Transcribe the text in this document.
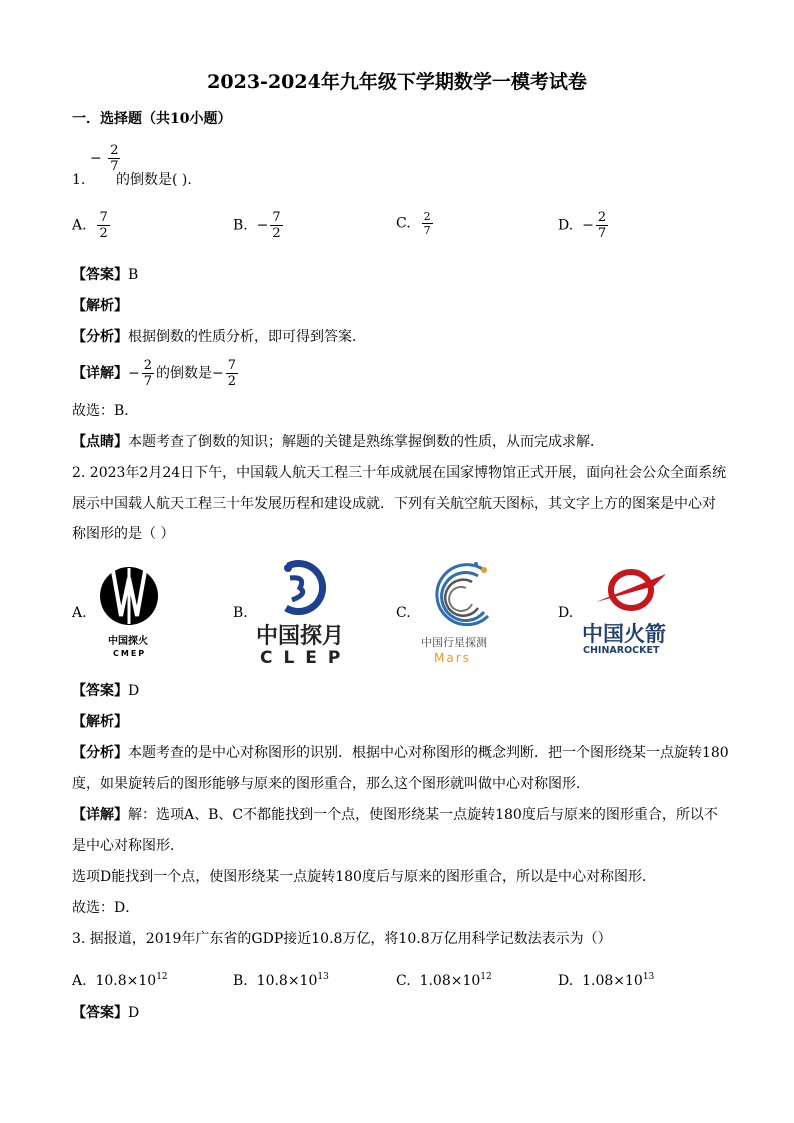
2023-2024年九年级下学期数学一模考试卷
一．选择题（共10小题）
− $\frac{2}{7}$
1. 的倒数是( ).
A. $\frac{7}{2}$	B. − $\frac{7}{2}$	C. $\frac{2}{7}$	D. − $\frac{2}{7}$
【答案】B
【解析】
【分析】根据倒数的性质分析，即可得到答案．
【详解】− $\frac{2}{7}$ 的倒数是− $\frac{7}{2}$
故选：B．
【点睛】本题考查了倒数的知识；解题的关键是熟练掌握倒数的性质，从而完成求解．
2. 2023年2月24日下午，中国载人航天工程三十年成就展在国家博物馆正式开展，面向社会公众全面系统
展示中国载人航天工程三十年发展历程和建设成就．下列有关航空航天图标，其文字上方的图案是中心对
称图形的是（ ）
A.	B.	C.	D.
中国探火
CMEP
中国探月
CLEP
中国行星探测
Mars
中国火箭
CHINAROCKET
【答案】D
【解析】
【分析】本题考查的是中心对称图形的识别．根据中心对称图形的概念判断．把一个图形绕某一点旋转180
度，如果旋转后的图形能够与原来的图形重合，那么这个图形就叫做中心对称图形．
【详解】解：选项A、B、C不都能找到一个点，使图形绕某一点旋转180度后与原来的图形重合，所以不
是中心对称图形．
选项D能找到一个点，使图形绕某一点旋转180度后与原来的图形重合，所以是中心对称图形．
故选：D．
3. 据报道，2019年广东省的GDP接近10.8万亿，将10.8万亿用科学记数法表示为（）
A. $10.8\times 10^{12}$	B. $10.8\times 10^{13}$	C. $1.08\times 10^{12}$	D. $1.08\times 10^{13}$
【答案】D
